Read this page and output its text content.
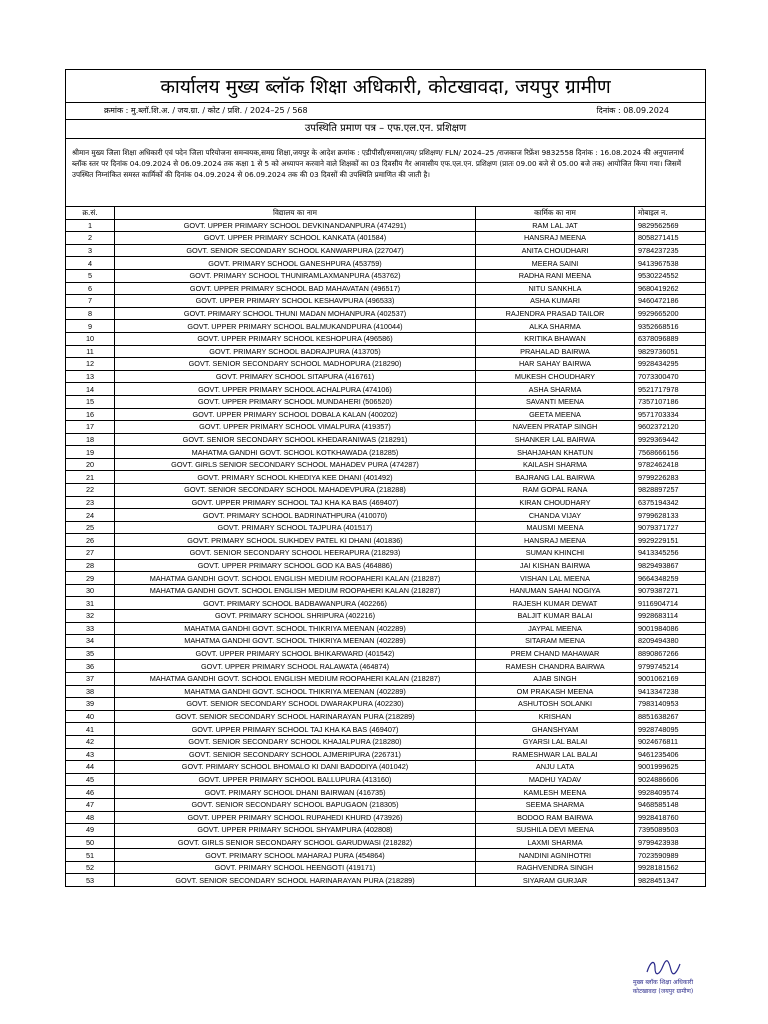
कार्यालय मुख्य ब्लॉक शिक्षा अधिकारी, कोटखावदा, जयपुर ग्रामीण
क्रमांक : मु.ब्लॉ.शि.अ. / जय.ग्रा. / कोट / प्रशि. / 2024–25 / 568	दिनांक : 08.09.2024
उपस्थिति प्रमाण पत्र – एफ.एल.एन. प्रशिक्षण
श्रीमान मुख्य जिला शिक्षा अधिकारी एवं पदेन जिला परियोजना समन्वयक,समग्र शिक्षा,जयपुर के आदेश क्रमांक : एडीपीसी/समसा/जय/ प्रशिक्षण/ FLN/ 2024–25 /राजकाज रिफ्रेंश 9832558 दिनांक : 16.08.2024 की अनुपालनार्थ ब्लॉक स्तर पर दिनांक 04.09.2024 से 06.09.2024 तक कक्षा 1 से 5 को अध्यापन करवाने वाले शिक्षकों का 03 दिवसीय गैर आवासीय एफ.एल.एन. प्रशिक्षण (प्रातः 09.00 बजे से 05.00 बजे तक) आयोजित किया गया। जिसमें उपस्थित निम्नांकित समस्त कार्मिकों की दिनांक 04.09.2024 से 06.09.2024 तक की 03 दिवसों की उपस्थिति प्रमाणित की जाती है।
क्र.सं.	विद्यालय का नाम	कार्मिक का नाम	मोबाइल न.
1	GOVT. UPPER PRIMARY SCHOOL DEVKINANDANPURA (474291)	RAM LAL JAT	9829562569
2	GOVT. UPPER PRIMARY SCHOOL KANKATA (401584)	HANSRAJ MEENA	8058271415
3	GOVT. SENIOR SECONDARY SCHOOL KANWARPURA (227047)	ANITA CHOUDHARI	9784237235
4	GOVT. PRIMARY SCHOOL GANESHPURA (453759)	MEERA SAINI	9413967538
5	GOVT. PRIMARY SCHOOL THUNIRAMLAXMANPURA (453762)	RADHA RANI MEENA	9530224552
6	GOVT. UPPER PRIMARY SCHOOL BAD MAHAVATAN (496517)	NITU SANKHLA	9680419262
7	GOVT. UPPER PRIMARY SCHOOL KESHAVPURA (496533)	ASHA KUMARI	9460472186
8	GOVT. PRIMARY SCHOOL THUNI MADAN MOHANPURA (402537)	RAJENDRA PRASAD TAILOR	9929665200
9	GOVT. UPPER PRIMARY SCHOOL BALMUKANDPURA (410044)	ALKA SHARMA	9352668516
10	GOVT. UPPER PRIMARY SCHOOL KESHOPURA (496586)	KRITIKA BHAWAN	6378096889
11	GOVT. PRIMARY SCHOOL BADRAJPURA (413705)	PRAHALAD BAIRWA	9829736051
12	GOVT. SENIOR SECONDARY SCHOOL MADHOPURA (218290)	HAR SAHAY BAIRWA	9928434295
13	GOVT. PRIMARY SCHOOL SITAPURA (416761)	MUKESH CHOUDHARY	7073300470
14	GOVT. UPPER PRIMARY SCHOOL ACHALPURA (474106)	ASHA SHARMA	9521717978
15	GOVT. UPPER PRIMARY SCHOOL MUNDAHERI (506520)	SAVANTI MEENA	7357107186
16	GOVT. UPPER PRIMARY SCHOOL DOBALA KALAN (400202)	GEETA MEENA	9571703334
17	GOVT. UPPER PRIMARY SCHOOL VIMALPURA (419357)	NAVEEN PRATAP SINGH	9602372120
18	GOVT. SENIOR SECONDARY SCHOOL KHEDARANIWAS (218291)	SHANKER LAL BAIRWA	9929369442
19	MAHATMA GANDHI GOVT. SCHOOL KOTKHAWADA (218285)	SHAHJAHAN KHATUN	7568666156
20	GOVT. GIRLS SENIOR SECONDARY SCHOOL MAHADEV PURA (474287)	KAILASH SHARMA	9782462418
21	GOVT. PRIMARY SCHOOL KHEDIYA KEE DHANI (401492)	BAJRANG LAL BAIRWA	9799226283
22	GOVT. SENIOR SECONDARY SCHOOL MAHADEVPURA (218288)	RAM GOPAL RANA	9828897257
23	GOVT. UPPER PRIMARY SCHOOL TAJ KHA KA BAS (469407)	KIRAN CHOUDHARY	6375194342
24	GOVT. PRIMARY SCHOOL BADRINATHPURA (410070)	CHANDA VIJAY	9799628133
25	GOVT. PRIMARY SCHOOL TAJPURA (401517)	MAUSMI MEENA	9079371727
26	GOVT. PRIMARY SCHOOL SUKHDEV PATEL KI DHANI (401836)	HANSRAJ MEENA	9929229151
27	GOVT. SENIOR SECONDARY SCHOOL HEERAPURA (218293)	SUMAN KHINCHI	9413345256
28	GOVT. UPPER PRIMARY SCHOOL GOD KA BAS (464886)	JAI KISHAN BAIRWA	9829493867
29	MAHATMA GANDHI GOVT. SCHOOL ENGLISH MEDIUM ROOPAHERI KALAN (218287)	VISHAN LAL MEENA	9664348259
30	MAHATMA GANDHI GOVT. SCHOOL ENGLISH MEDIUM ROOPAHERI KALAN (218287)	HANUMAN SAHAI NOGIYA	9079387271
31	GOVT. PRIMARY SCHOOL BADBAWANPURA (402266)	RAJESH KUMAR DEWAT	9116904714
32	GOVT. PRIMARY SCHOOL SHRIPURA (402216)	BALJIT KUMAR BALAI	9928683114
33	MAHATMA GANDHI GOVT. SCHOOL THIKRIYA MEENAN (402289)	JAYPAL MEENA	9001984086
34	MAHATMA GANDHI GOVT. SCHOOL THIKRIYA MEENAN (402289)	SITARAM MEENA	8209494380
35	GOVT. UPPER PRIMARY SCHOOL BHIKARWARD (401542)	PREM CHAND MAHAWAR	8890867266
36	GOVT. UPPER PRIMARY SCHOOL RALAWATA (464874)	RAMESH CHANDRA BAIRWA	9799745214
37	MAHATMA GANDHI GOVT. SCHOOL ENGLISH MEDIUM ROOPAHERI KALAN (218287)	AJAB SINGH	9001062169
38	MAHATMA GANDHI GOVT. SCHOOL THIKRIYA MEENAN (402289)	OM PRAKASH MEENA	9413347238
39	GOVT. SENIOR SECONDARY SCHOOL DWARAKPURA (402230)	ASHUTOSH SOLANKI	7983140953
40	GOVT. SENIOR SECONDARY SCHOOL HARINARAYAN PURA (218289)	KRISHAN	8851638267
41	GOVT. UPPER PRIMARY SCHOOL TAJ KHA KA BAS (469407)	GHANSHYAM	9928748095
42	GOVT. SENIOR SECONDARY SCHOOL KHAJALPURA (218280)	GYARSI LAL BALAI	9024676811
43	GOVT. SENIOR SECONDARY SCHOOL AJMERIPURA (226731)	RAMESHWAR LAL BALAI	9461235406
44	GOVT. PRIMARY SCHOOL BHOMALO KI DANI BADODIYA (401042)	ANJU LATA	9001999625
45	GOVT. UPPER PRIMARY SCHOOL BALLUPURA (413160)	MADHU YADAV	9024886606
46	GOVT. PRIMARY SCHOOL DHANI BAIRWAN (416735)	KAMLESH MEENA	9928409574
47	GOVT. SENIOR SECONDARY SCHOOL BAPUGAON (218305)	SEEMA SHARMA	9468585148
48	GOVT. UPPER PRIMARY SCHOOL RUPAHEDI KHURD (473926)	BODOO RAM BAIRWA	9928418760
49	GOVT. UPPER PRIMARY SCHOOL SHYAMPURA (402808)	SUSHILA DEVI MEENA	7395089503
50	GOVT. GIRLS SENIOR SECONDARY SCHOOL GARUDWASI (218282)	LAXMI SHARMA	9799423938
51	GOVT. PRIMARY SCHOOL MAHARAJ PURA (454864)	NANDINI AGNIHOTRI	7023590989
52	GOVT. PRIMARY SCHOOL HEENGOTI (419171)	RAGHVENDRA SINGH	9928181562
53	GOVT. SENIOR SECONDARY SCHOOL HARINARAYAN PURA (218289)	SIYARAM GURJAR	9828451347
मुख्य ब्लॉक शिक्षा अधिकारी
कोटखावदा (जयपुर ग्रामीण)
